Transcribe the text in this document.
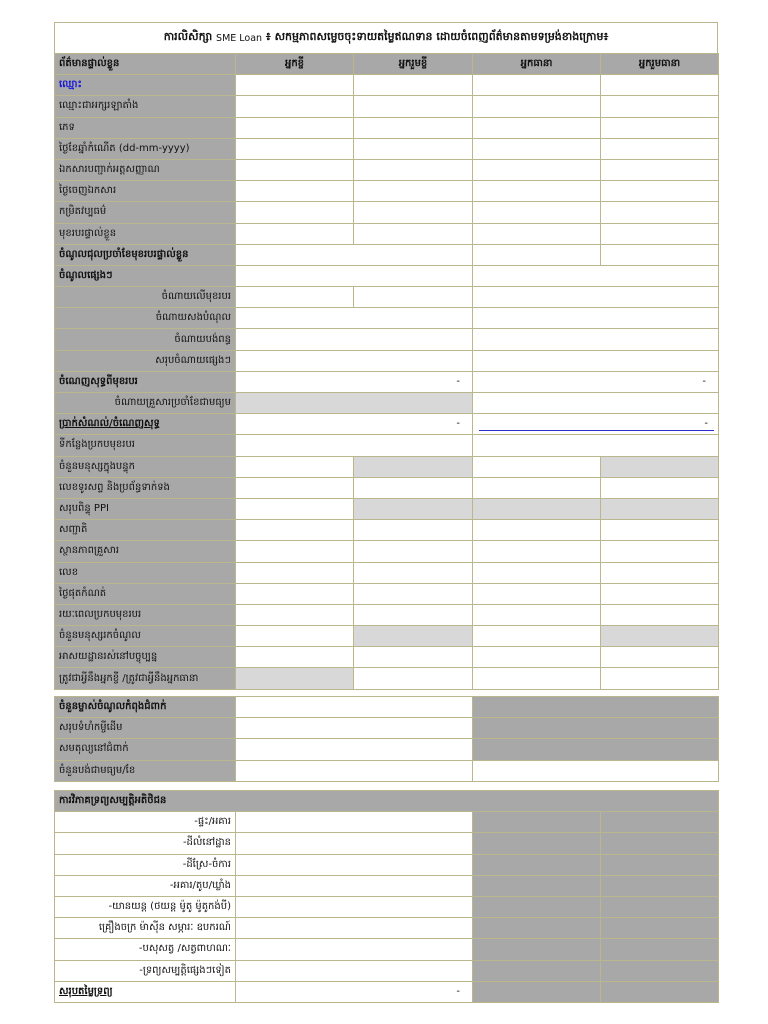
ការលិសិក្សា
SME Loan
៖ សកម្មភាពសម្លេចចុះទាយតម្លៃឥណទាន ដោយចំពេញព័ត៌មានតាមទម្រង់ខាងក្រោម៖
ព័ត៌មានផ្ទាល់ខ្លួន	អ្នកខ្ចី	អ្នករួមខ្ចី	អ្នកធានា	អ្នករួមធានា
ឈ្មោះ				
ឈ្មោះជាអក្សរឡាតាំង				
ភេទ				
ថ្ងៃខែឆ្នាំកំណើត (dd-mm-yyyy)				
ឯកសារបញ្ជាក់អត្តសញ្ញាណ				
ថ្ងៃចេញឯកសារ				
កម្រិតវប្បធម៌				
មុខរបរផ្ទាល់ខ្លួន				
ចំណូលជុលប្រចាំខែមុខរបរផ្ទាល់ខ្លួន				
ចំណូលផ្សេងៗ				
ចំណាយលើមុខរបរ				
ចំណាយសងបំណុល				
ចំណាយបង់ពន្ធ				
សរុបចំណាយផ្សេងៗ				
ចំណេញសុទ្ធពីមុខរបរ	-		-	
ចំណាយគ្រួសារប្រចាំខែជាមធ្យម				
ប្រាក់សំណល់/ចំណេញសុទ្ធ	-		-	

ទីកន្លែងប្រកបមុខរបរ				
ចំនួនមនុស្សក្នុងបន្ទុក				
លេខទូរសព្ទ និងប្រព័ន្ធទាក់ទង				
សរុបពិន្ទុ PPI				
សញ្ជាតិ				
ស្ថានភាពគ្រួសារ				
លេខ				
ថ្ងៃផុតកំណត់				
រយៈពេលប្រកបមុខរបរ				
ចំនួនមនុស្សរកចំណូល				
អាសយដ្ឋានរស់នៅបច្ចុប្បន្ន				
ត្រូវជាអ្វីនឹងអ្នកខ្ចី /ត្រូវជាអ្វីនឹងអ្នកធានា				
ចំនួនម្ចាស់ចំណូលកំពុងជំពាក់		
សរុបទំហំកម្ចីដើម		
សមតុល្យនៅជំពាក់		
ចំនួនបង់ជាមធ្យម/ខែ		
ការវិភាគទ្រព្យសម្បត្តិអតិថិជន			
-ផ្ទះ/អគារ			
-ដីលំនៅដ្ឋាន			
-ដីស្រែ-ចំការ			
-អគារ/តូប/ឃ្លាំង			
-យានយន្ត (ថយន្ត ម៉ូតូ ម៉ូតូកង់បី)			
គ្រឿងចក្រ ម៉ាស៊ីន សម្ភារៈ ឧបករណ៍			
-បសុសត្វ /សត្វពាហណៈ			
-ទ្រព្យសម្បត្តិផ្សេងៗទៀត			
សរុបតម្លៃទ្រព្យ	-		
